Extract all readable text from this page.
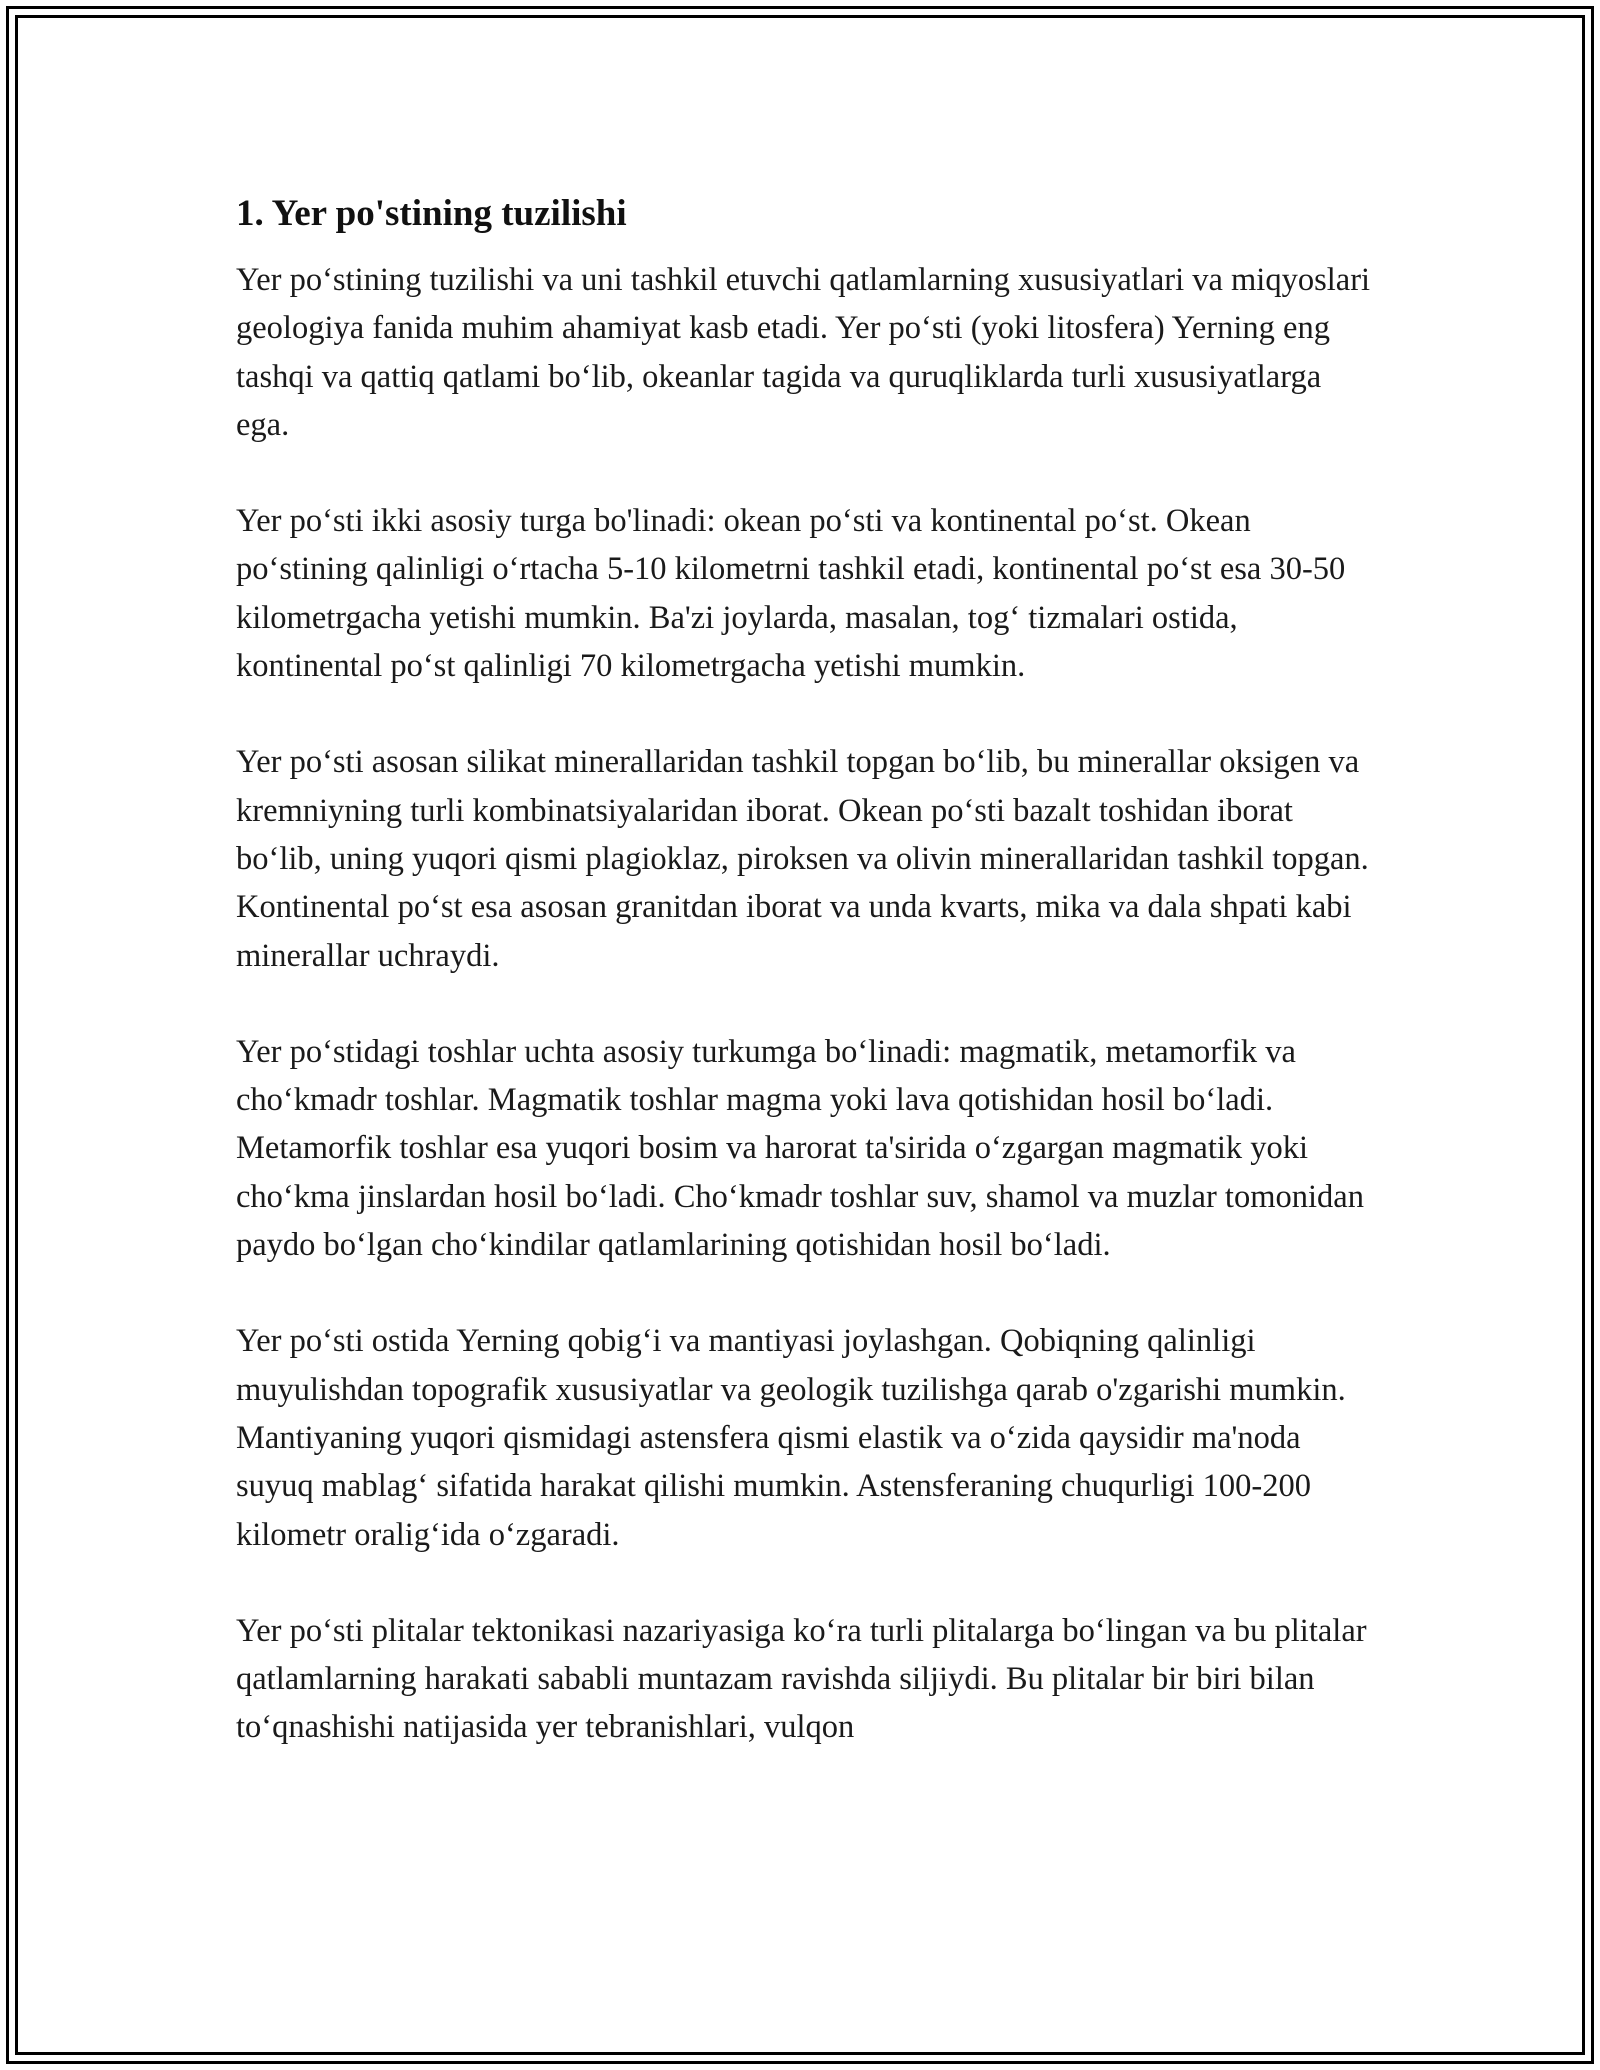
1. Yer po'stining tuzilishi

Yer po‘stining tuzilishi va uni tashkil etuvchi qatlamlarning xususiyatlari va miqyoslari geologiya fanida muhim ahamiyat kasb etadi. Yer po‘sti (yoki litosfera) Yerning eng tashqi va qattiq qatlami bo‘lib, okeanlar tagida va quruqliklarda turli xususiyatlarga ega.

Yer po‘sti ikki asosiy turga bo'linadi: okean po‘sti va kontinental po‘st. Okean po‘stining qalinligi o‘rtacha 5-10 kilometrni tashkil etadi, kontinental po‘st esa 30-50 kilometrgacha yetishi mumkin. Ba'zi joylarda, masalan, tog‘ tizmalari ostida, kontinental po‘st qalinligi 70 kilometrgacha yetishi mumkin.

Yer po‘sti asosan silikat minerallaridan tashkil topgan bo‘lib, bu minerallar oksigen va kremniyning turli kombinatsiyalaridan iborat. Okean po‘sti bazalt toshidan iborat bo‘lib, uning yuqori qismi plagioklaz, piroksen va olivin minerallaridan tashkil topgan. Kontinental po‘st esa asosan granitdan iborat va unda kvarts, mika va dala shpati kabi minerallar uchraydi.

Yer po‘stidagi toshlar uchta asosiy turkumga bo‘linadi: magmatik, metamorfik va cho‘kmadr toshlar. Magmatik toshlar magma yoki lava qotishidan hosil bo‘ladi. Metamorfik toshlar esa yuqori bosim va harorat ta'sirida o‘zgargan magmatik yoki cho‘kma jinslardan hosil bo‘ladi. Cho‘kmadr toshlar suv, shamol va muzlar tomonidan paydo bo‘lgan cho‘kindilar qatlamlarining qotishidan hosil bo‘ladi.

Yer po‘sti ostida Yerning qobig‘i va mantiyasi joylashgan. Qobiqning qalinligi muyulishdan topografik xususiyatlar va geologik tuzilishga qarab o'zgarishi mumkin. Mantiyaning yuqori qismidagi astensfera qismi elastik va o‘zida qaysidir ma'noda suyuq mablag‘ sifatida harakat qilishi mumkin. Astensferaning chuqurligi 100-200 kilometr oralig‘ida o‘zgaradi.

Yer po‘sti plitalar tektonikasi nazariyasiga ko‘ra turli plitalarga bo‘lingan va bu plitalar qatlamlarning harakati sababli muntazam ravishda siljiydi. Bu plitalar bir biri bilan to‘qnashishi natijasida yer tebranishlari, vulqon
